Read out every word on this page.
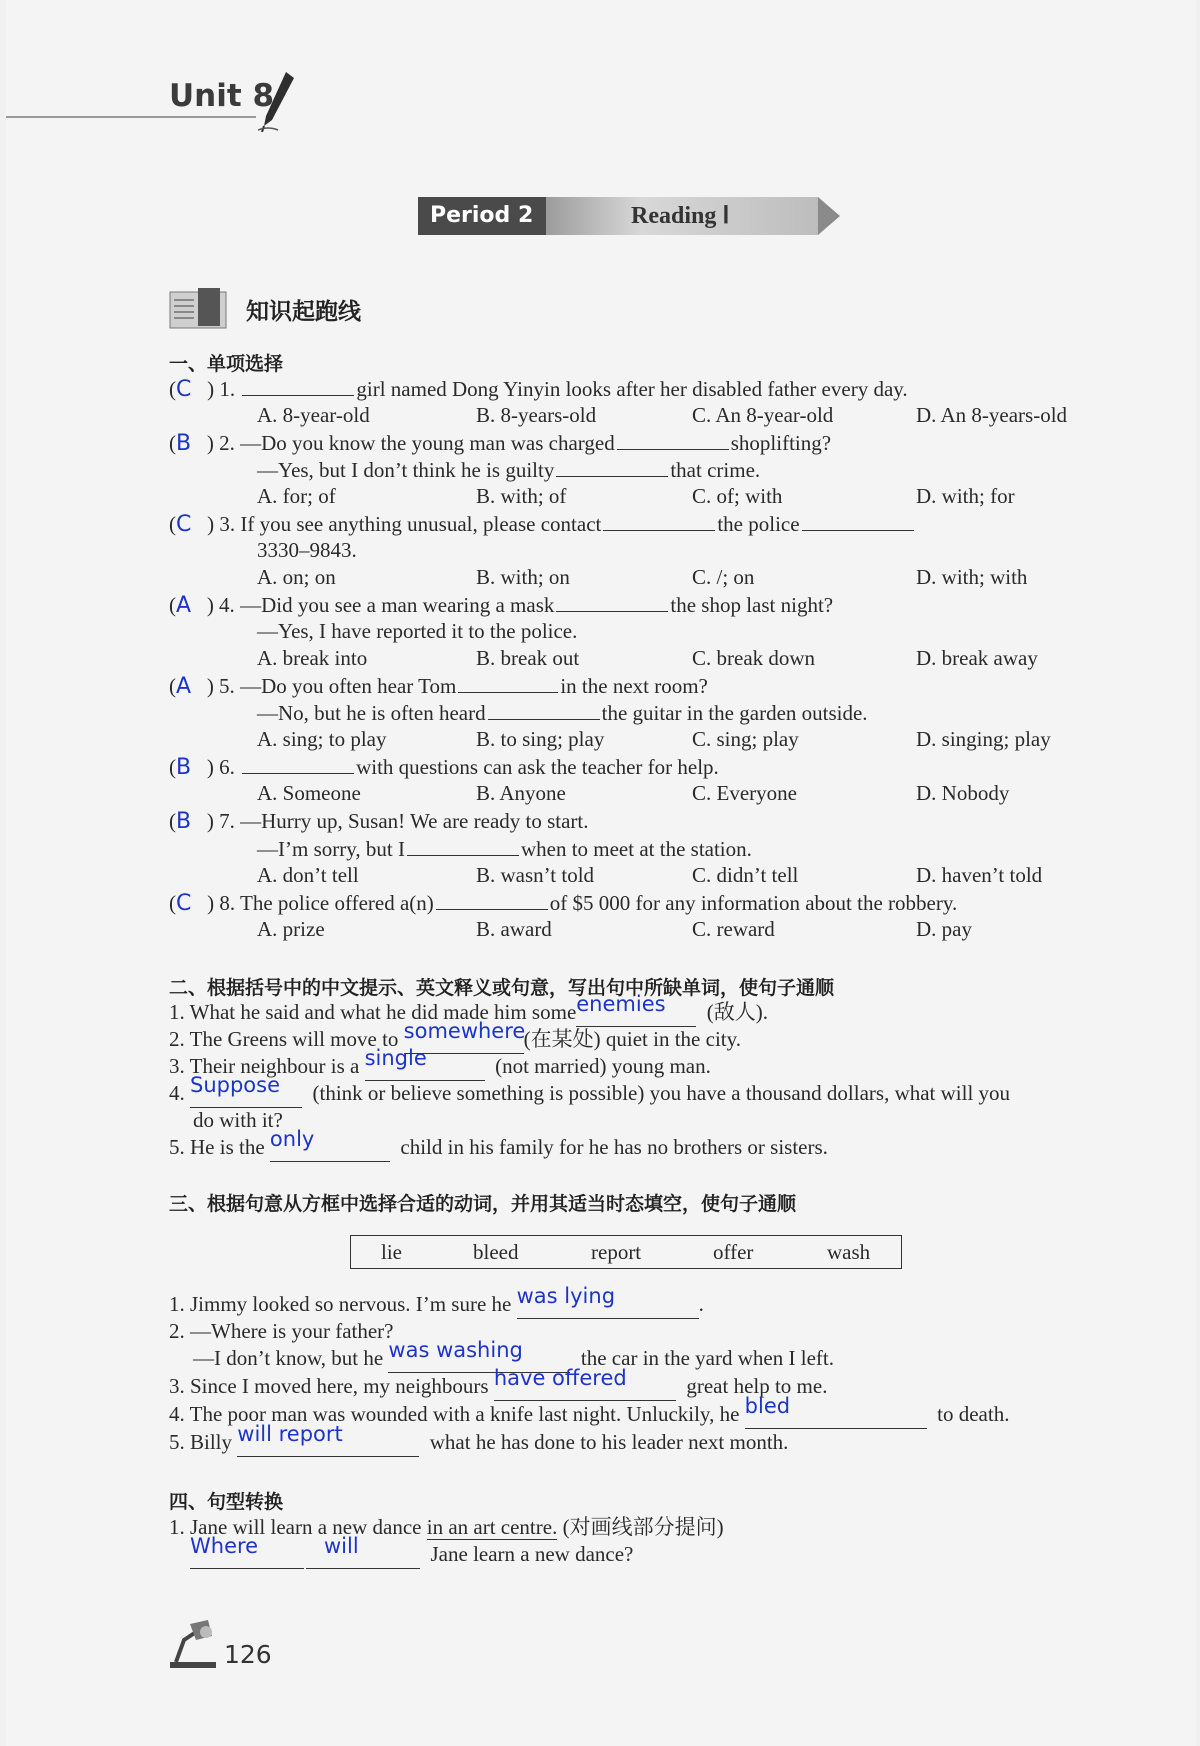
Unit 8
Period 2	Reading Ⅰ
知识起跑线
一、单项选择
(C ) 1.	girl named Dong Yinyin looks after her disabled father every day.
A. 8-year-old	B. 8-years-old	C. An 8-year-old	D. An 8-years-old
(B ) 2. —Do you know the young man was charged	shoplifting?
—Yes, but I don’t think he is guilty	that crime.
A. for; of	B. with; of	C. of; with	D. with; for
(C ) 3. If you see anything unusual, please contact	the police
3330–9843.
A. on; on	B. with; on	C. /; on	D. with; with
(A ) 4. —Did you see a man wearing a mask	the shop last night?
—Yes, I have reported it to the police.
A. break into	B. break out	C. break down	D. break away
(A ) 5. —Do you often hear Tom	in the next room?
—No, but he is often heard	the guitar in the garden outside.
A. sing; to play	B. to sing; play	C. sing; play	D. singing; play
(B ) 6.	with questions can ask the teacher for help.
A. Someone	B. Anyone	C. Everyone	D. Nobody
(B ) 7. —Hurry up, Susan! We are ready to start.
—I’m sorry, but I	when to meet at the station.
A. don’t tell	B. wasn’t told	C. didn’t tell	D. haven’t told
(C ) 8. The police offered a(n)	of $5 000 for any information about the robbery.
A. prize	B. award	C. reward	D. pay
二、根据括号中的中文提示、英文释义或句意，写出句中所缺单词，使句子通顺
1. What he said and what he did made him someenemies (敌人).
2. The Greens will move to somewhere(在某处) quiet in the city.
3. Their neighbour is a single	(not married) young man.
4. Suppose (think or believe something is possible) you have a thousand dollars, what will you
do with it?
5. He is the only	child in his family for he has no brothers or sisters.
三、根据句意从方框中选择合适的动词，并用其适当时态填空，使句子通顺
lie	bleed	report	offer	wash
1. Jimmy looked so nervous. I’m sure he was lying	.
2. —Where is your father?
—I don’t know, but he was washing	the car in the yard when I left.
3. Since I moved here, my neighbours have offered	great help to me.
4. The poor man was wounded with a knife last night. Unluckily, he bled	to death.
5. Billy will report	what he has done to his leader next month.
四、句型转换
1. Jane will learn a new dance in an art centre. (对画线部分提问)
Where	will	Jane learn a new dance?
126
